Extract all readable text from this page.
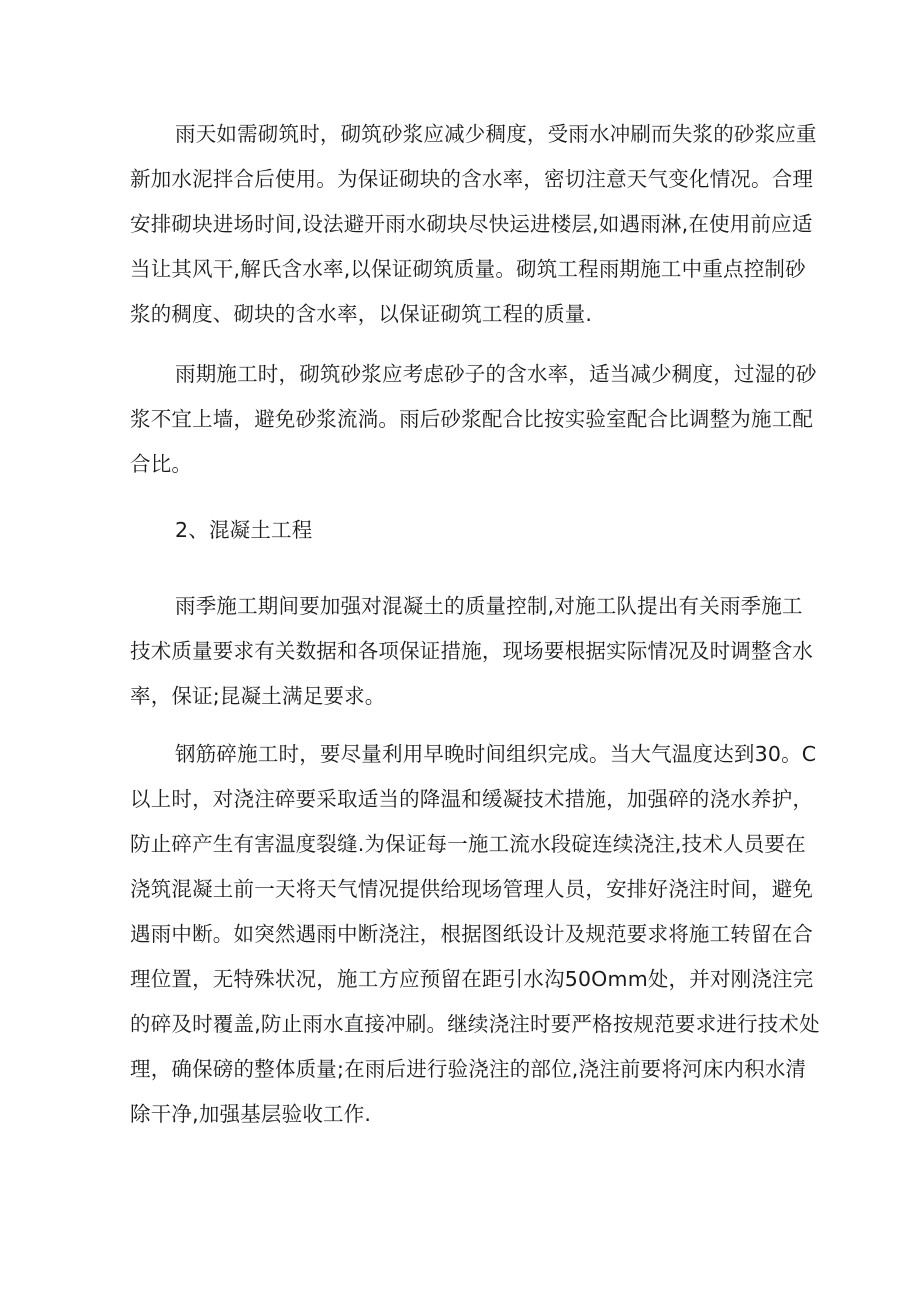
雨天如需砌筑时，砌筑砂浆应减少稠度，受雨水冲刷而失浆的砂浆应重
新加水泥拌合后使用。为保证砌块的含水率，密切注意天气变化情况。合理
安排砌块进场时间,设法避开雨水砌块尽快运进楼层,如遇雨淋,在使用前应适
当让其风干,解氏含水率,以保证砌筑质量。砌筑工程雨期施工中重点控制砂
浆的稠度、砌块的含水率，以保证砌筑工程的质量.
雨期施工时，砌筑砂浆应考虑砂子的含水率，适当减少稠度，过湿的砂
浆不宜上墙，避免砂浆流淌。雨后砂浆配合比按实验室配合比调整为施工配
合比。
2、混凝土工程
雨季施工期间要加强对混凝土的质量控制,对施工队提出有关雨季施工
技术质量要求有关数据和各项保证措施，现场要根据实际情况及时调整含水
率，保证;昆凝土满足要求。
钢筋碎施工时，要尽量利用早晚时间组织完成。当大气温度达到30。C
以上时，对浇注碎要采取适当的降温和缓凝技术措施，加强碎的浇水养护，
防止碎产生有害温度裂缝.为保证每一施工流水段碇连续浇注,技术人员要在
浇筑混凝土前一天将天气情况提供给现场管理人员，安排好浇注时间，避免
遇雨中断。如突然遇雨中断浇注，根据图纸设计及规范要求将施工转留在合
理位置，无特殊状况，施工方应预留在距引水沟50Omm处，并对刚浇注完
的碎及时覆盖,防止雨水直接冲刷。继续浇注时要严格按规范要求进行技术处
理，确保磅的整体质量;在雨后进行验浇注的部位,浇注前要将河床内积水清
除干净,加强基层验收工作.
